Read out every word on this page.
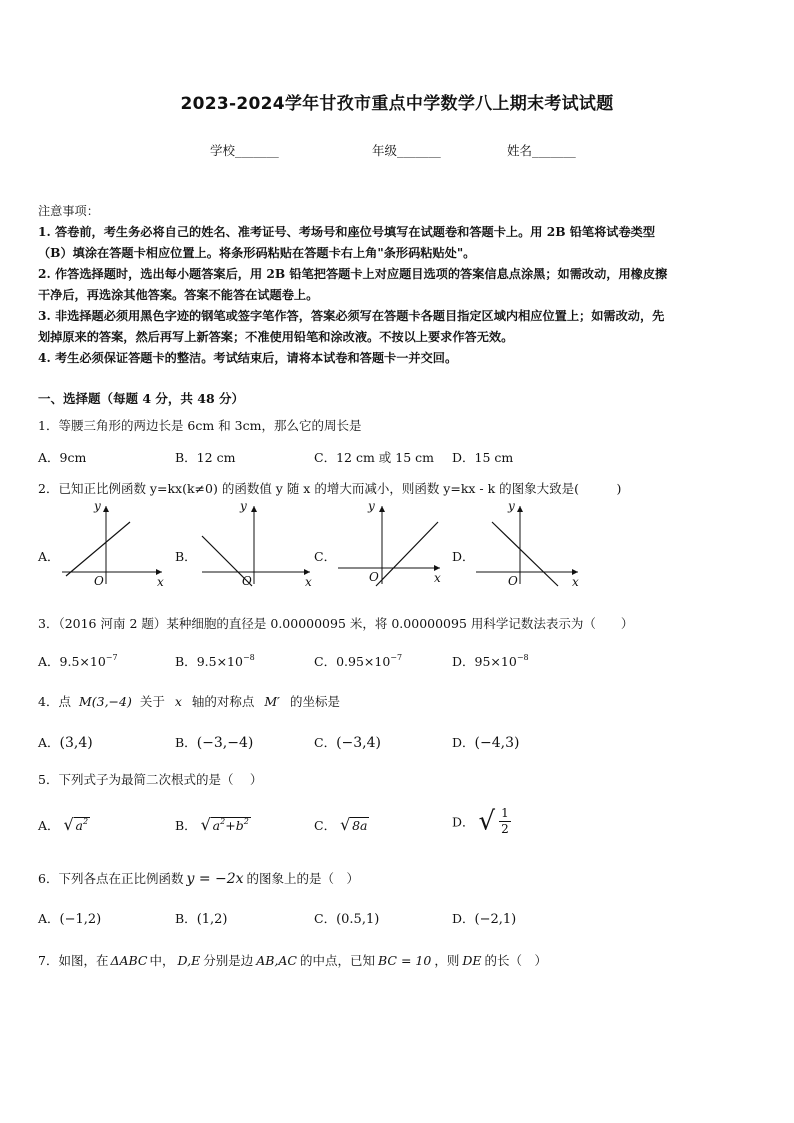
2023-2024学年甘孜市重点中学数学八上期末考试试题
学校_______	年级_______	姓名_______
注意事项：
1. 答卷前，考生务必将自己的姓名、准考证号、考场号和座位号填写在试题卷和答题卡上。用 2B 铅笔将试卷类型
（B）填涂在答题卡相应位置上。将条形码粘贴在答题卡右上角"条形码粘贴处"。
2. 作答选择题时，选出每小题答案后，用 2B 铅笔把答题卡上对应题目选项的答案信息点涂黑；如需改动，用橡皮擦
干净后，再选涂其他答案。答案不能答在试题卷上。
3. 非选择题必须用黑色字迹的钢笔或签字笔作答，答案必须写在答题卡各题目指定区域内相应位置上；如需改动，先
划掉原来的答案，然后再写上新答案；不准使用铅笔和涂改液。不按以上要求作答无效。
4. 考生必须保证答题卡的整洁。考试结束后，请将本试卷和答题卡一并交回。
一、选择题（每题 4 分，共 48 分）
1．等腰三角形的两边长是 6cm 和 3cm，那么它的周长是
A．9cm	B．12 cm	C．12 cm 或 15 cm D．15 cm
2．已知正比例函数 y=kx(k≠0) 的函数值 y 随 x 的增大而减小，则函数 y=kx - k 的图象大致是(　　　)
A．	B．	C．	D．
y
x
O
y
x
O
y
x
O
y
x
O
3．（2016 河南 2 题）某种细胞的直径是 0.00000095 米，将 0.00000095 用科学记数法表示为（　　）
A．$9.5\times 10^{-7}$	B．$9.5\times 10^{-8}$	C．$0.95\times 10^{-7}$	D．$95\times 10^{-8}$
4．点 M(3,−4) 关于 x 轴的对称点 M′ 的坐标是
A．(3,4)	B．(−3,−4)	C．(−3,4)	D．(−4,3)
5．下列式子为最简二次根式的是（　 ）
A． √ $a^2$	B． √ $a^2+b^2$	C． √ 8a	D． √ $\frac{1}{2}$
6．下列各点在正比例函数 y = −2x 的图象上的是（　）
A．(−1,2)	B．(1,2)	C．(0.5,1)	D．(−2,1)
7．如图，在 ΔABC 中， D,E 分别是边 AB,AC 的中点，已知 BC = 10 ，则 DE 的长（　）
